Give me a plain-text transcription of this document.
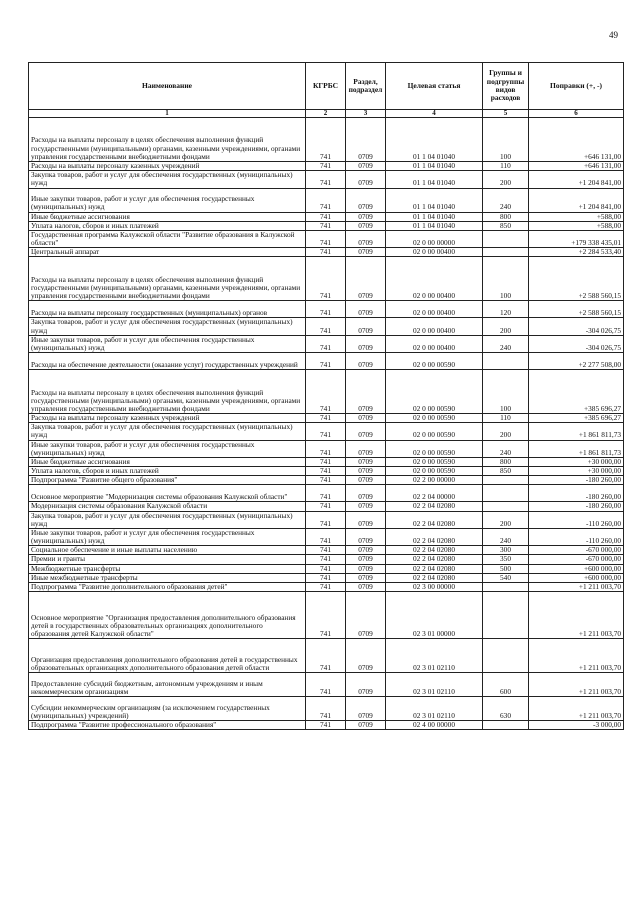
49
Наименование	КГРБС	Раздел, подраздел	Целевая статья	Группы и подгруппы видов расходов	Поправки (+, -)
1	2	3	4	5	6
Расходы на выплаты персоналу в целях обеспечения выполнения функций государственными (муниципальными) органами, казенными учреждениями, органами управления государственными внебюджетными фондами	741	0709	01 1 04 01040	100	+646 131,00
Расходы на выплаты персоналу казенных учреждений	741	0709	01 1 04 01040	110	+646 131,00
Закупка товаров, работ и услуг для обеспечения государственных (муниципальных) нужд	741	0709	01 1 04 01040	200	+1 204 841,00
Иные закупки товаров, работ и услуг для обеспечения государственных (муниципальных) нужд	741	0709	01 1 04 01040	240	+1 204 841,00
Иные бюджетные ассигнования	741	0709	01 1 04 01040	800	+588,00
Уплата налогов, сборов и иных платежей	741	0709	01 1 04 01040	850	+588,00
Государственная программа Калужской области "Развитие образования в Калужской области"	741	0709	02 0 00 00000		+179 338 435,01
Центральный аппарат	741	0709	02 0 00 00400		+2 284 533,40
Расходы на выплаты персоналу в целях обеспечения выполнения функций государственными (муниципальными) органами, казенными учреждениями, органами управления государственными внебюджетными фондами	741	0709	02 0 00 00400	100	+2 588 560,15
Расходы на выплаты персоналу государственных (муниципальных) органов	741	0709	02 0 00 00400	120	+2 588 560,15
Закупка товаров, работ и услуг для обеспечения государственных (муниципальных) нужд	741	0709	02 0 00 00400	200	-304 026,75
Иные закупки товаров, работ и услуг для обеспечения государственных (муниципальных) нужд	741	0709	02 0 00 00400	240	-304 026,75
Расходы на обеспечение деятельности (оказание услуг) государственных учреждений	741	0709	02 0 00 00590		+2 277 508,00
Расходы на выплаты персоналу в целях обеспечения выполнения функций государственными (муниципальными) органами, казенными учреждениями, органами управления государственными внебюджетными фондами	741	0709	02 0 00 00590	100	+385 696,27
Расходы на выплаты персоналу казенных учреждений	741	0709	02 0 00 00590	110	+385 696,27
Закупка товаров, работ и услуг для обеспечения государственных (муниципальных) нужд	741	0709	02 0 00 00590	200	+1 861 811,73
Иные закупки товаров, работ и услуг для обеспечения государственных (муниципальных) нужд	741	0709	02 0 00 00590	240	+1 861 811,73
Иные бюджетные ассигнования	741	0709	02 0 00 00590	800	+30 000,00
Уплата налогов, сборов и иных платежей	741	0709	02 0 00 00590	850	+30 000,00
Подпрограмма "Развитие общего образования"	741	0709	02 2 00 00000		-180 260,00
Основное мероприятие "Модернизация системы образования Калужской области"	741	0709	02 2 04 00000		-180 260,00
Модернизация системы образования Калужской области	741	0709	02 2 04 02080		-180 260,00
Закупка товаров, работ и услуг для обеспечения государственных (муниципальных) нужд	741	0709	02 2 04 02080	200	-110 260,00
Иные закупки товаров, работ и услуг для обеспечения государственных (муниципальных) нужд	741	0709	02 2 04 02080	240	-110 260,00
Социальное обеспечение и иные выплаты населению	741	0709	02 2 04 02080	300	-670 000,00
Премии и гранты	741	0709	02 2 04 02080	350	-670 000,00
Межбюджетные трансферты	741	0709	02 2 04 02080	500	+600 000,00
Иные межбюджетные трансферты	741	0709	02 2 04 02080	540	+600 000,00
Подпрограмма "Развитие дополнительного образования детей"	741	0709	02 3 00 00000		+1 211 003,70
Основное мероприятие "Организация предоставления дополнительного образования детей в государственных образовательных организациях дополнительного образования детей Калужской области"	741	0709	02 3 01 00000		+1 211 003,70
Организация предоставления дополнительного образования детей в государственных образовательных организациях дополнительного образования детей области	741	0709	02 3 01 02110		+1 211 003,70
Предоставление субсидий бюджетным, автономным учреждениям и иным некоммерческим организациям	741	0709	02 3 01 02110	600	+1 211 003,70
Субсидии некоммерческим организациям (за исключением государственных (муниципальных) учреждений)	741	0709	02 3 01 02110	630	+1 211 003,70
Подпрограмма "Развитие профессионального образования"	741	0709	02 4 00 00000		-3 000,00
